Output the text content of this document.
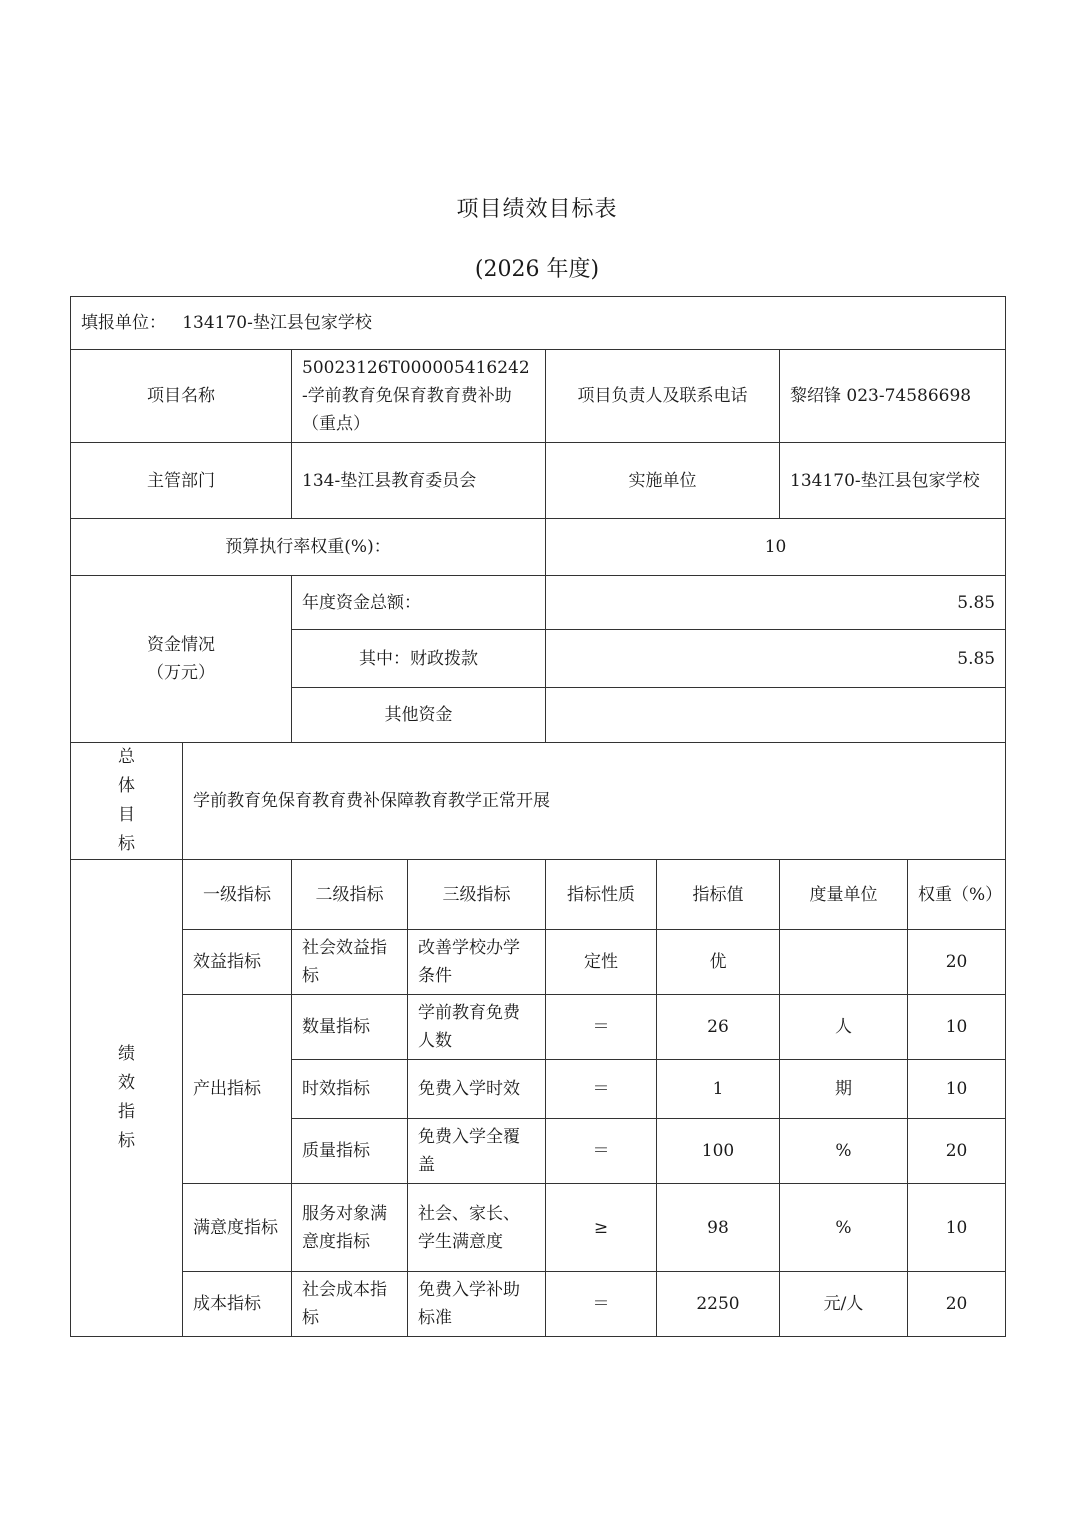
项目绩效目标表
(2026 年度)
填报单位： 134170-垫江县包家学校							
项目名称		50023126T000005416242-学前教育免保育教育费补助（重点）		项目负责人及联系电话		黎绍锋 023-74586698	
主管部门		134-垫江县教育委员会		实施单位		134170-垫江县包家学校	
预算执行率权重(%)：				10			

资金情况
（万元）		年度资金总额：		5.85			
		其中：财政拨款		5.85			
		其他资金					

总
体
目
标	学前教育免保育教育费补保障教育教学正常开展						

绩
效
指
标	一级指标	二级指标	三级指标	指标性质	指标值	度量单位	权重（%）
	效益指标	社会效益指标	改善学校办学条件	定性	优		20
	产出指标	数量指标	学前教育免费人数	＝	26	人	10
		时效指标	免费入学时效	＝	1	期	10
		质量指标	免费入学全覆盖	＝	100	%	20
	满意度指标	服务对象满意度指标	社会、家长、学生满意度	≥	98	%	10
	成本指标	社会成本指标	免费入学补助标准	＝	2250	元/人	20
